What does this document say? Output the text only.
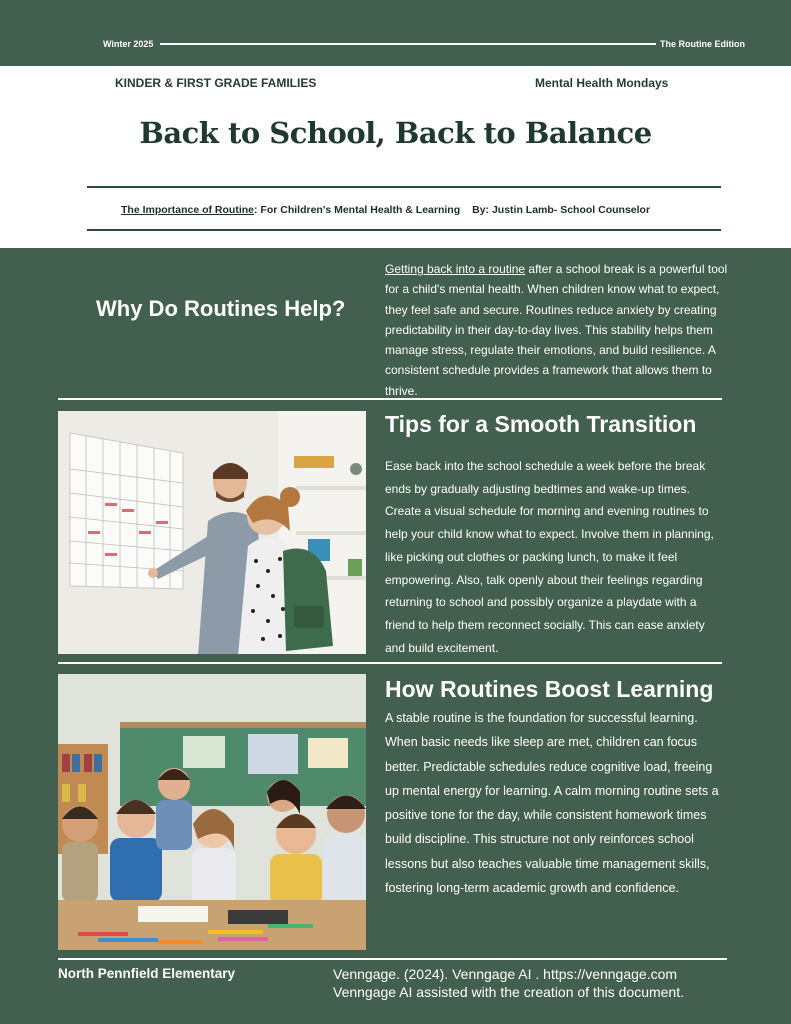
Winter 2025	The Routine Edition
KINDER & FIRST GRADE FAMILIES	Mental Health Mondays
Back to School, Back to Balance
The Importance of Routine: For Children's Mental Health & Learning By: Justin Lamb- School Counselor
Why Do Routines Help?
Getting back into a routine after a school break is a powerful tool for a child's mental health. When children know what to expect, they feel safe and secure. Routines reduce anxiety by creating predictability in their day-to-day lives. This stability helps them manage stress, regulate their emotions, and build resilience. A consistent schedule provides a framework that allows them to thrive.
Tips for a Smooth Transition
Ease back into the school schedule a week before the break ends by gradually adjusting bedtimes and wake-up times. Create a visual schedule for morning and evening routines to help your child know what to expect. Involve them in planning, like picking out clothes or packing lunch, to make it feel empowering. Also, talk openly about their feelings regarding returning to school and possibly organize a playdate with a friend to help them reconnect socially. This can ease anxiety and build excitement.
How Routines Boost Learning
A stable routine is the foundation for successful learning. When basic needs like sleep are met, children can focus better. Predictable schedules reduce cognitive load, freeing up mental energy for learning. A calm morning routine sets a positive tone for the day, while consistent homework times build discipline. This structure not only reinforces school lessons but also teaches valuable time management skills, fostering long-term academic growth and confidence.
North Pennfield Elementary	Venngage. (2024). Venngage AI . https://venngage.com
Venngage AI assisted with the creation of this document.
